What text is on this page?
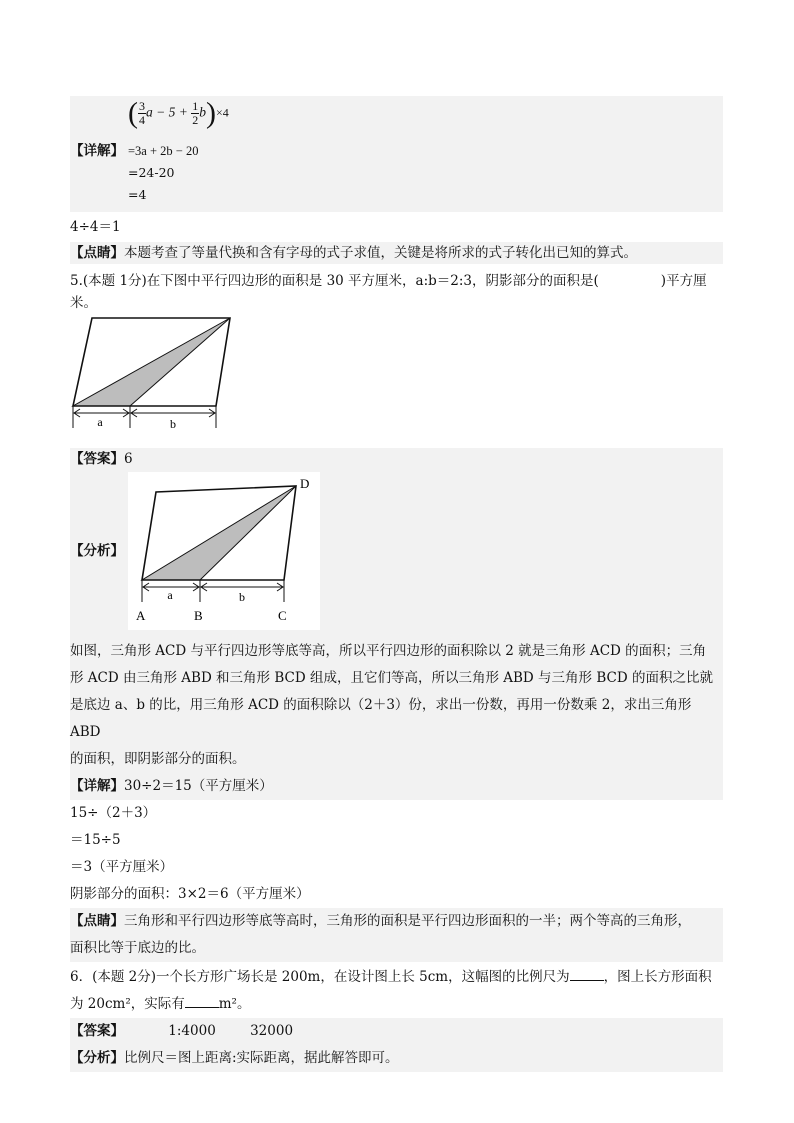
( $\frac{3}{4}$ $a - 5 + \frac{1}{2} b)\times 4$
【详解】 =3a + 2b − 20
=24-20
=4
4÷4＝1
【点睛】本题考查了等量代换和含有字母的式子求值，关键是将所求的式子转化出已知的算式。
5.(本题 1分)在下图中平行四边形的面积是 30 平方厘米，a:b＝2:3，阴影部分的面积是(	)平方厘米。
a	b
【答案】6
【分析】
a	b
D
A	B	C
如图，三角形 ACD 与平行四边形等底等高，所以平行四边形的面积除以 2 就是三角形 ACD 的面积；三角
形 ACD 由三角形 ABD 和三角形 BCD 组成，且它们等高，所以三角形 ABD 与三角形 BCD 的面积之比就
是底边 a、b 的比，用三角形 ACD 的面积除以（2＋3）份，求出一份数，再用一份数乘 2，求出三角形 ABD
的面积，即阴影部分的面积。
【详解】30÷2＝15（平方厘米）
15÷（2＋3）
＝15÷5
＝3（平方厘米）
阴影部分的面积：3×2＝6（平方厘米）
【点睛】三角形和平行四边形等底等高时，三角形的面积是平行四边形面积的一半；两个等高的三角形，
面积比等于底边的比。
6．(本题 2分)一个长方形广场长是 200m，在设计图上长 5cm，这幅图的比例尺为	，图上长方形面积
为 20cm²，实际有	m²。
【答案】	1:4000	32000
【分析】比例尺＝图上距离:实际距离，据此解答即可。
